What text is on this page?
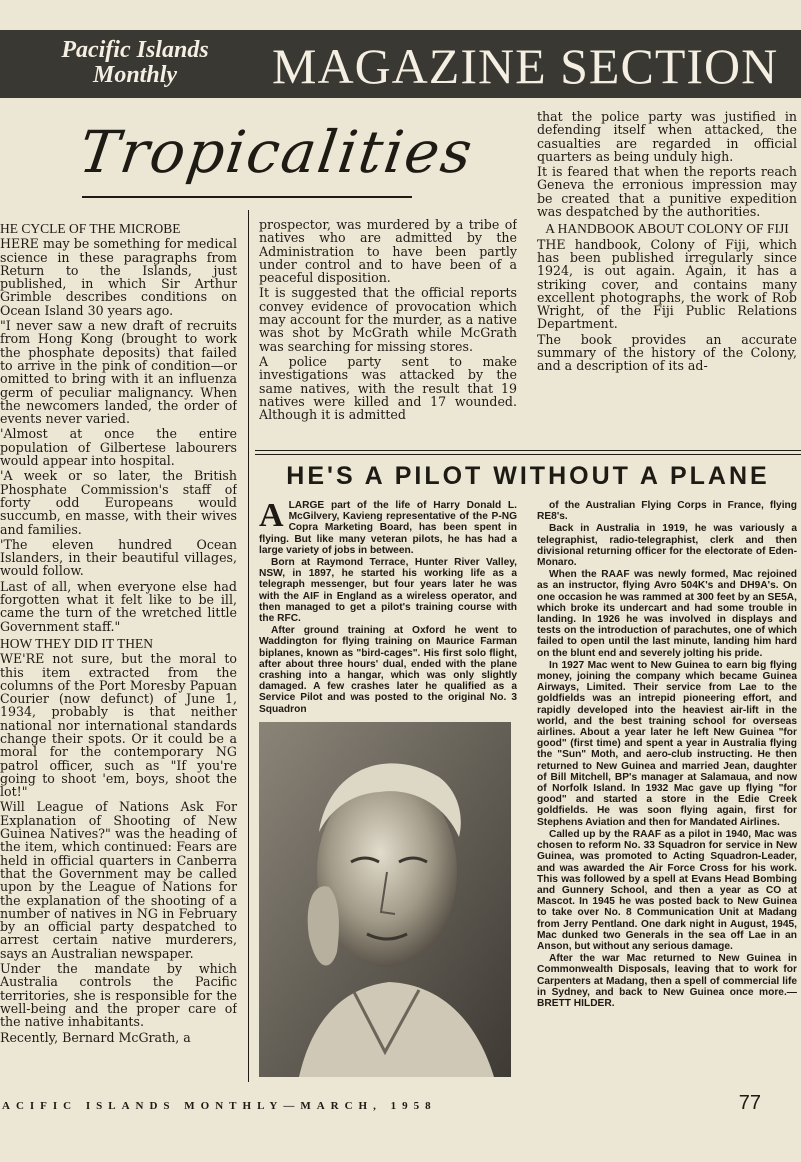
Pacific Islands Monthly	MAGAZINE SECTION
Tropicalities
HE CYCLE OF THE MICROBE

HERE may be something for medical science in these paragraphs from Return to the Islands, just published, in which Sir Arthur Grimble describes conditions on Ocean Island 30 years ago.

"I never saw a new draft of recruits from Hong Kong (brought to work the phosphate deposits) that failed to arrive in the pink of condition—or omitted to bring with it an influenza germ of peculiar malignancy. When the newcomers landed, the order of events never varied.

'Almost at once the entire population of Gilbertese labourers would appear into hospital.

'A week or so later, the British Phosphate Commission's staff of forty odd Europeans would succumb, en masse, with their wives and families.

'The eleven hundred Ocean Islanders, in their beautiful villages, would follow.

Last of all, when everyone else had forgotten what it felt like to be ill, came the turn of the wretched little Government staff."

HOW THEY DID IT THEN

WE'RE not sure, but the moral to this item extracted from the columns of the Port Moresby Papuan Courier (now defunct) of June 1, 1934, probably is that neither national nor international standards change their spots. Or it could be a moral for the contemporary NG patrol officer, such as "If you're going to shoot 'em, boys, shoot the lot!"

Will League of Nations Ask For Explanation of Shooting of New Guinea Natives?" was the heading of the item, which continued: Fears are held in official quarters in Canberra that the Government may be called upon by the League of Nations for the explanation of the shooting of a number of natives in NG in February by an official party despatched to arrest certain native murderers, says an Australian newspaper.

Under the mandate by which Australia controls the Pacific territories, she is responsible for the well-being and the proper care of the native inhabitants.

Recently, Bernard McGrath, a

prospector, was murdered by a tribe of natives who are admitted by the Administration to have been partly under control and to have been of a peaceful disposition.

It is suggested that the official reports convey evidence of provocation which may account for the murder, as a native was shot by McGrath while McGrath was searching for missing stores.

A police party sent to make investigations was attacked by the same natives, with the result that 19 natives were killed and 17 wounded. Although it is admitted

that the police party was justified in defending itself when attacked, the casualties are regarded in official quarters as being unduly high.

It is feared that when the reports reach Geneva the erronious impression may be created that a punitive expedition was despatched by the authorities.

A HANDBOOK ABOUT COLONY OF FIJI

THE handbook, Colony of Fiji, which has been published irregularly since 1924, is out again. Again, it has a striking cover, and contains many excellent photographs, the work of Rob Wright, of the Fiji Public Relations Department.

The book provides an accurate summary of the history of the Colony, and a description of its ad-

HE'S A PILOT WITHOUT A PLANE

ALARGE part of the life of Harry Donald L. McGilvery, Kavieng representative of the P-NG Copra Marketing Board, has been spent in flying. But like many veteran pilots, he has had a large variety of jobs in between.

Born at Raymond Terrace, Hunter River Valley, NSW, in 1897, he started his working life as a telegraph messenger, but four years later he was with the AIF in England as a wireless operator, and then managed to get a pilot's training course with the RFC.

After ground training at Oxford he went to Waddington for flying training on Maurice Farman biplanes, known as "bird-cages". His first solo flight, after about three hours' dual, ended with the plane crashing into a hangar, which was only slightly damaged. A few crashes later he qualified as a Service Pilot and was posted to the original No. 3 Squadron

of the Australian Flying Corps in France, flying RE8's.

Back in Australia in 1919, he was variously a telegraphist, radio-telegraphist, clerk and then divisional returning officer for the electorate of Eden-Monaro.

When the RAAF was newly formed, Mac rejoined as an instructor, flying Avro 504K's and DH9A's. On one occasion he was rammed at 300 feet by an SE5A, which broke its undercart and had some trouble in landing. In 1926 he was involved in displays and tests on the introduction of parachutes, one of which failed to open until the last minute, landing him hard on the blunt end and severely jolting his pride.

In 1927 Mac went to New Guinea to earn big flying money, joining the company which became Guinea Airways, Limited. Their service from Lae to the goldfields was an intrepid pioneering effort, and rapidly developed into the heaviest air-lift in the world, and the best training school for overseas airlines. About a year later he left New Guinea "for good" (first time) and spent a year in Australia flying the "Sun" Moth, and aero-club instructing. He then returned to New Guinea and married Jean, daughter of Bill Mitchell, BP's manager at Salamaua, and now of Norfolk Island. In 1932 Mac gave up flying "for good" and started a store in the Edie Creek goldfields. He was soon flying again, first for Stephens Aviation and then for Mandated Airlines.

Called up by the RAAF as a pilot in 1940, Mac was chosen to reform No. 33 Squadron for service in New Guinea, was promoted to Acting Squadron-Leader, and was awarded the Air Force Cross for his work. This was followed by a spell at Evans Head Bombing and Gunnery School, and then a year as CO at Mascot. In 1945 he was posted back to New Guinea to take over No. 8 Communication Unit at Madang from Jerry Pentland. One dark night in August, 1945, Mac dunked two Generals in the sea off Lae in an Anson, but without any serious damage.

After the war Mac returned to New Guinea in Commonwealth Disposals, leaving that to work for Carpenters at Madang, then a spell of commercial life in Sydney, and back to New Guinea once more.—BRETT HILDER.

ACIFIC ISLANDS MONTHLY—MARCH, 1958	77
